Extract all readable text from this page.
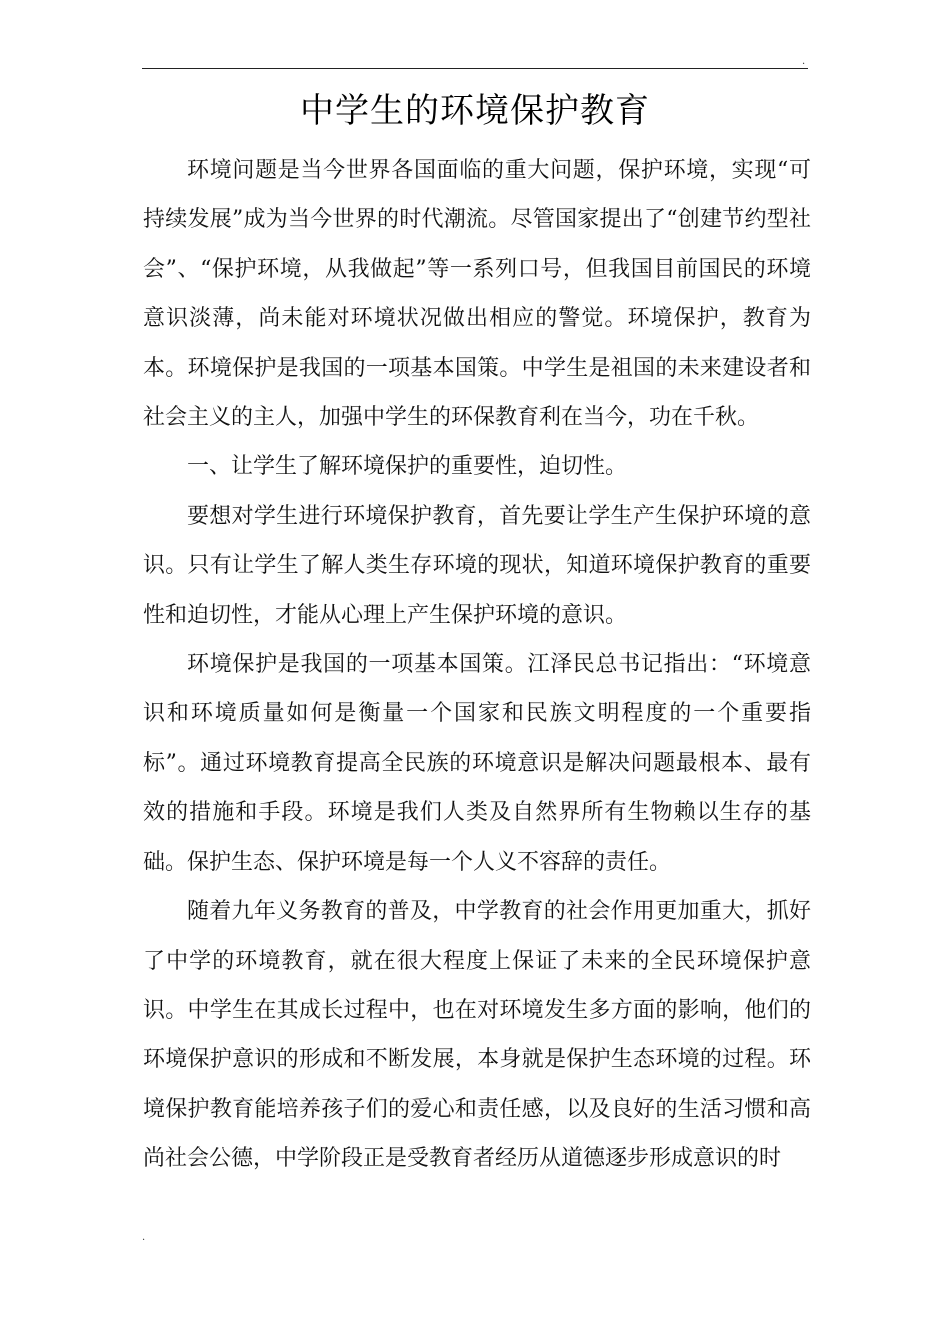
.
中学生的环境保护教育

环境问题是当今世界各国面临的重大问题，保护环境，实现“可持续发展”成为当今世界的时代潮流。尽管国家提出了“创建节约型社会”、“保护环境，从我做起”等一系列口号，但我国目前国民的环境意识淡薄，尚未能对环境状况做出相应的警觉。环境保护，教育为本。环境保护是我国的一项基本国策。中学生是祖国的未来建设者和社会主义的主人，加强中学生的环保教育利在当今，功在千秋。

一、让学生了解环境保护的重要性，迫切性。

要想对学生进行环境保护教育，首先要让学生产生保护环境的意识。只有让学生了解人类生存环境的现状，知道环境保护教育的重要性和迫切性，才能从心理上产生保护环境的意识。

环境保护是我国的一项基本国策。江泽民总书记指出：“环境意识和环境质量如何是衡量一个国家和民族文明程度的一个重要指标”。通过环境教育提高全民族的环境意识是解决问题最根本、最有效的措施和手段。环境是我们人类及自然界所有生物赖以生存的基础。保护生态、保护环境是每一个人义不容辞的责任。

随着九年义务教育的普及，中学教育的社会作用更加重大，抓好了中学的环境教育，就在很大程度上保证了未来的全民环境保护意识。中学生在其成长过程中，也在对环境发生多方面的影响，他们的环境保护意识的形成和不断发展，本身就是保护生态环境的过程。环境保护教育能培养孩子们的爱心和责任感，以及良好的生活习惯和高尚社会公德，中学阶段正是受教育者经历从道德逐步形成意识的时

.
